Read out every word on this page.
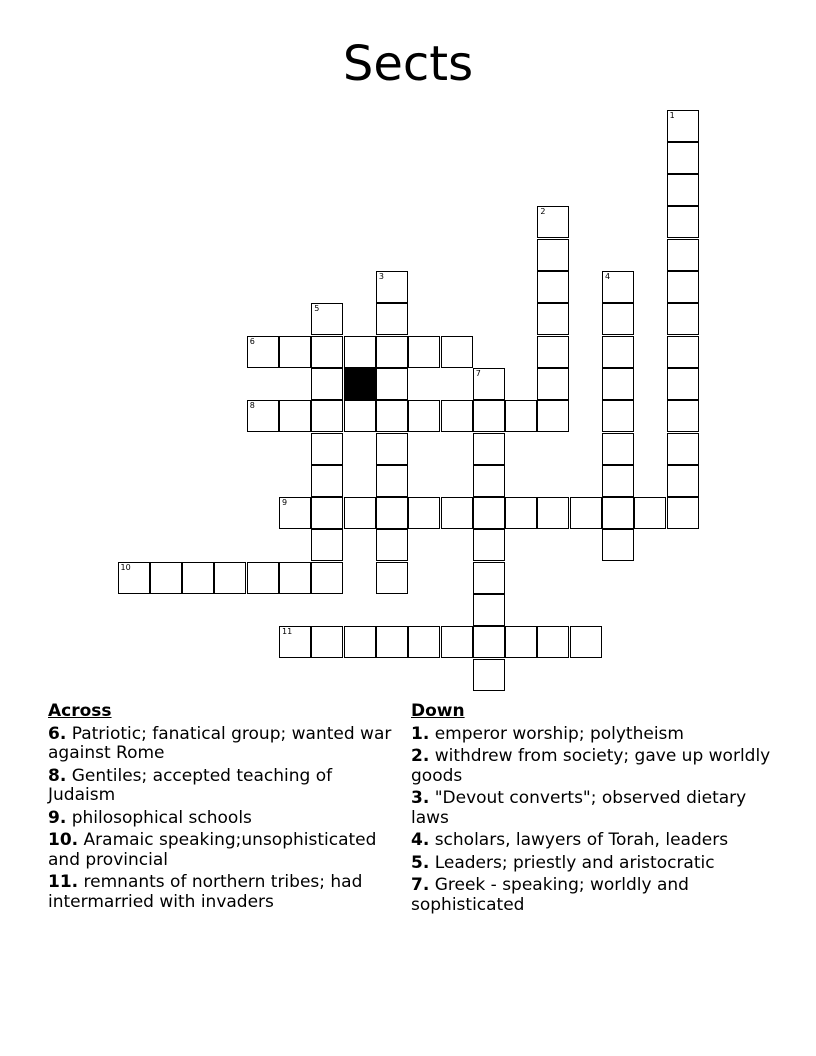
Sects
1
2
3	4
5
6
7
8
9
10
11
Across
6. Patriotic; fanatical group; wanted war against Rome
8. Gentiles; accepted teaching of Judaism
9. philosophical schools
10. Aramaic speaking;unsophisticated and provincial
11. remnants of northern tribes; had intermarried with invaders
Down
1. emperor worship; polytheism
2. withdrew from society; gave up worldly goods
3. "Devout converts"; observed dietary laws
4. scholars, lawyers of Torah, leaders
5. Leaders; priestly and aristocratic
7. Greek - speaking; worldly and sophisticated
